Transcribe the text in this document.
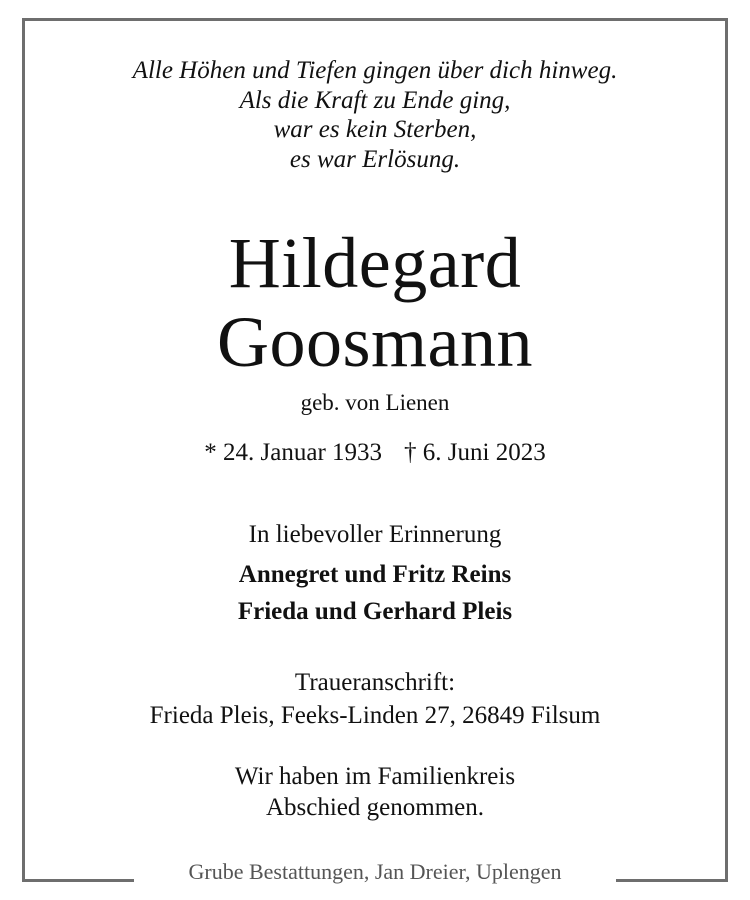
Alle Höhen und Tiefen gingen über dich hinweg.
Als die Kraft zu Ende ging,
war es kein Sterben,
es war Erlösung.
Hildegard
Goosmann
geb. von Lienen
* 24. Januar 1933 † 6. Juni 2023
In liebevoller Erinnerung
Annegret und Fritz Reins
Frieda und Gerhard Pleis
Traueranschrift:
Frieda Pleis, Feeks-Linden 27, 26849 Filsum
Wir haben im Familienkreis
Abschied genommen.
Grube Bestattungen, Jan Dreier, Uplengen
